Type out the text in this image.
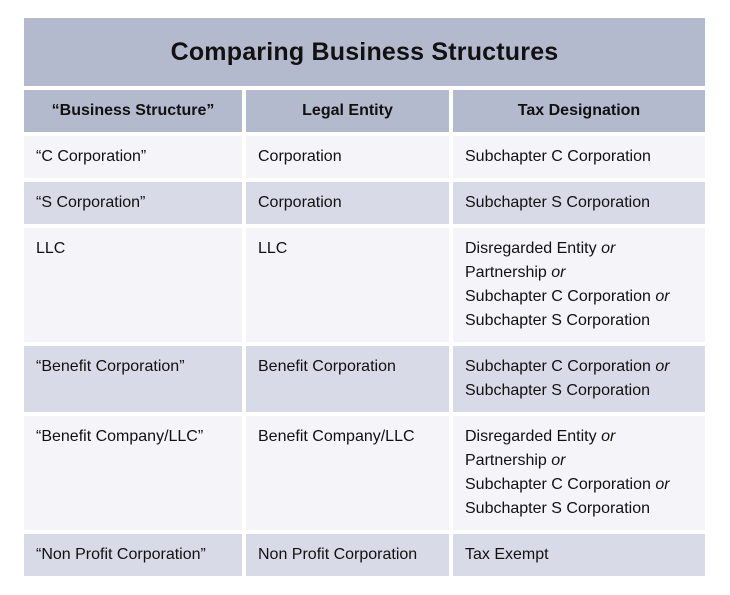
Comparing Business Structures
“Business Structure”	Legal Entity	Tax Designation
“C Corporation”	Corporation	Subchapter C Corporation
“S Corporation”	Corporation	Subchapter S Corporation
LLC	LLC	Disregarded Entity or
Partnership or
Subchapter C Corporation or
Subchapter S Corporation
“Benefit Corporation”	Benefit Corporation	Subchapter C Corporation or
Subchapter S Corporation
“Benefit Company/LLC”	Benefit Company/LLC	Disregarded Entity or
Partnership or
Subchapter C Corporation or
Subchapter S Corporation
“Non Profit Corporation”	Non Profit Corporation	Tax Exempt
